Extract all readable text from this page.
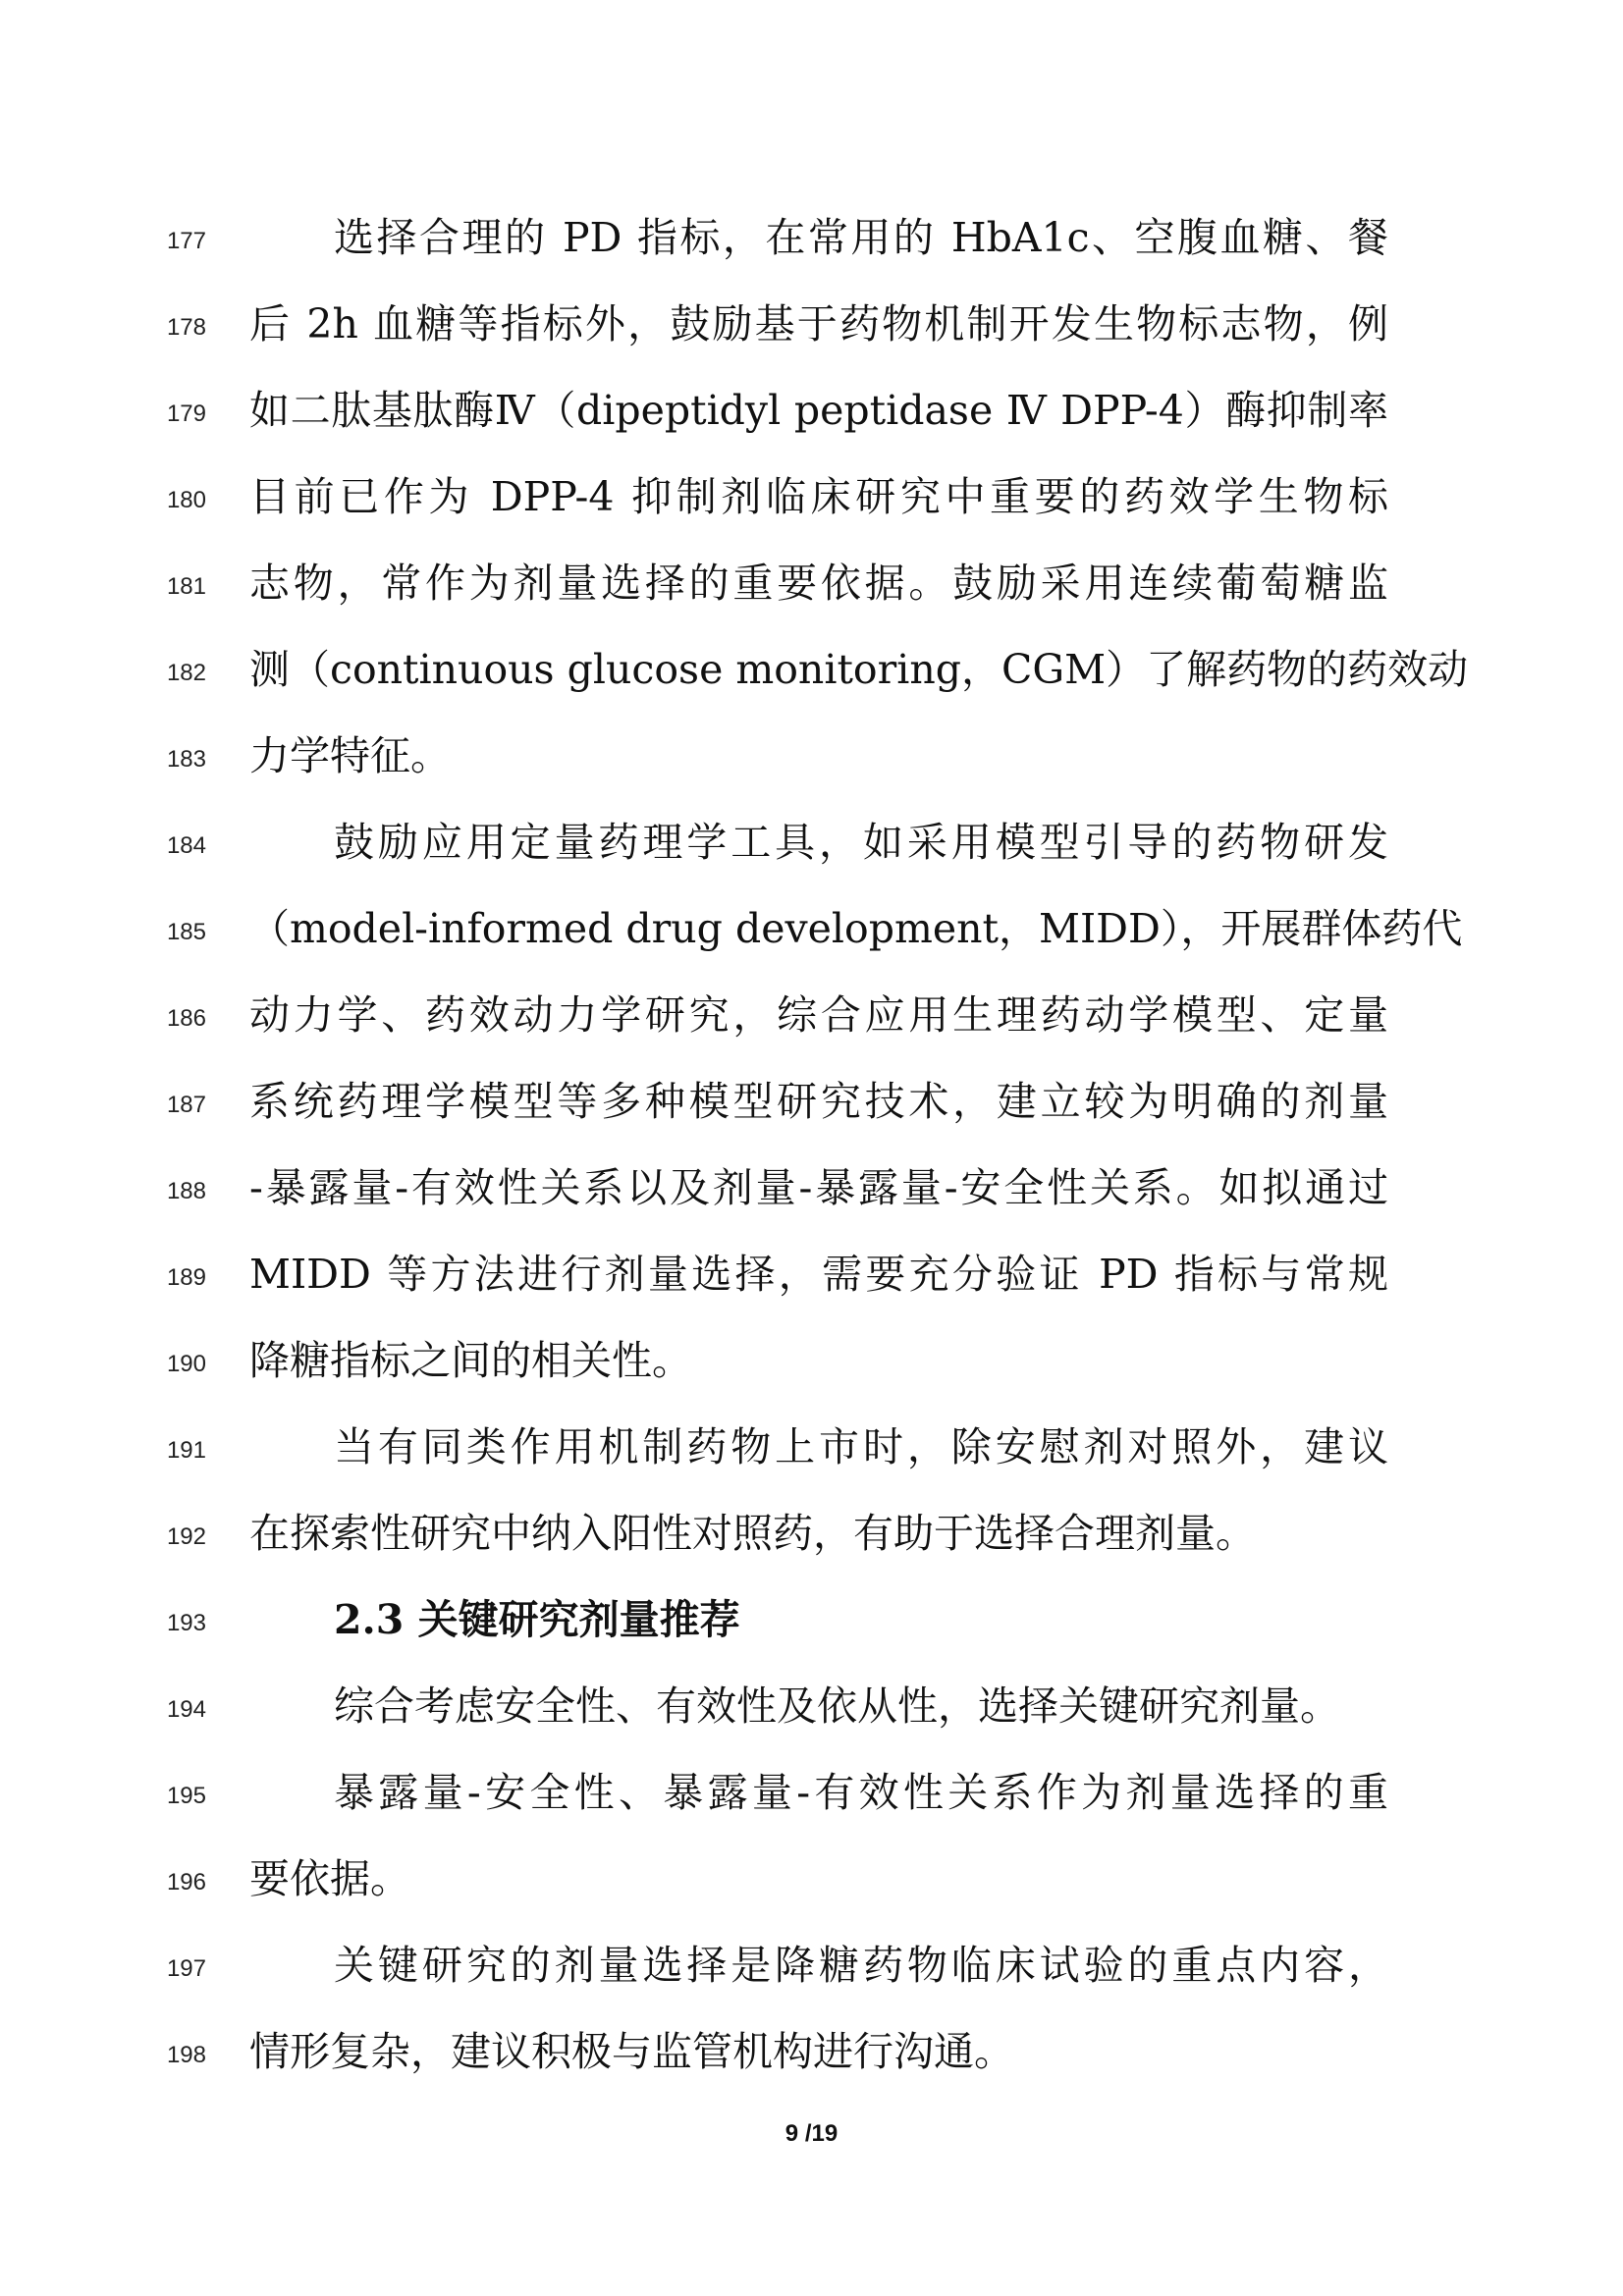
177	选择合理的 PD 指标，在常用的 HbA1c、空腹血糖、餐
178 后 2h 血糖等指标外，鼓励基于药物机制开发生物标志物，例
179 如二肽基肽酶Ⅳ（dipeptidyl peptidase Ⅳ DPP-4）酶抑制率
180 目前已作为 DPP-4 抑制剂临床研究中重要的药效学生物标
181 志物，常作为剂量选择的重要依据。鼓励采用连续葡萄糖监
182 测（continuous glucose monitoring，CGM）了解药物的药效动
183 力学特征。
184	鼓励应用定量药理学工具，如采用模型引导的药物研发
185 （model-informed drug development，MIDD），开展群体药代
186 动力学、药效动力学研究，综合应用生理药动学模型、定量
187 系统药理学模型等多种模型研究技术，建立较为明确的剂量
188 -暴露量-有效性关系以及剂量-暴露量-安全性关系。如拟通过
189 MIDD 等方法进行剂量选择，需要充分验证 PD 指标与常规
190 降糖指标之间的相关性。
191	当有同类作用机制药物上市时，除安慰剂对照外，建议
192 在探索性研究中纳入阳性对照药，有助于选择合理剂量。
193	2.3 关键研究剂量推荐
194	综合考虑安全性、有效性及依从性，选择关键研究剂量。
195	暴露量-安全性、暴露量-有效性关系作为剂量选择的重
196 要依据。
197	关键研究的剂量选择是降糖药物临床试验的重点内容，
198 情形复杂，建议积极与监管机构进行沟通。
9 /19
